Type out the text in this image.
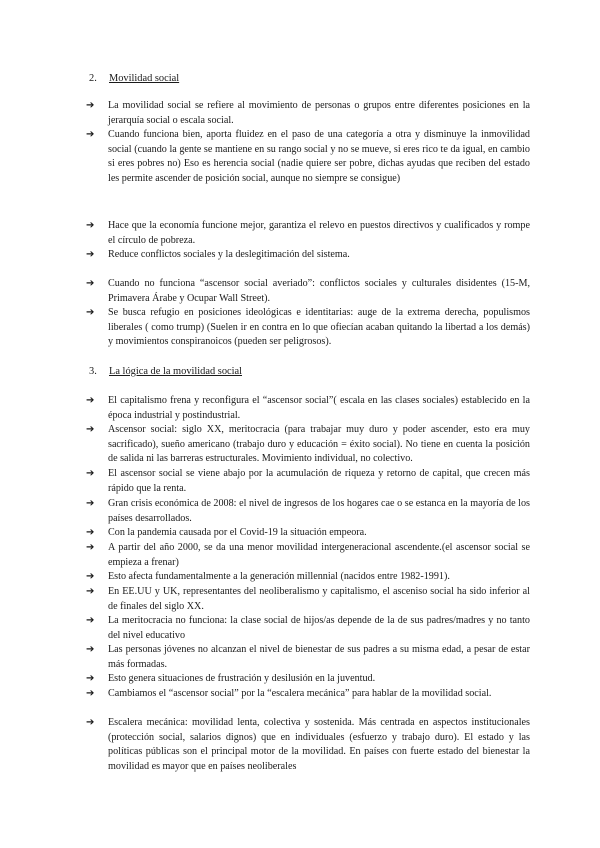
2. Movilidad social
➔ La movilidad social se refiere al movimiento de personas o grupos entre diferentes posiciones en la jerarquía social o escala social.
➔ Cuando funciona bien, aporta fluidez en el paso de una categoría a otra y disminuye la inmovilidad social (cuando la gente se mantiene en su rango social y no se mueve, si eres rico te da igual, en cambio si eres pobres no) Eso es herencia social (nadie quiere ser pobre, dichas ayudas que reciben del estado les permite ascender de posición social, aunque no siempre se consigue)
➔ Hace que la economía funcione mejor, garantiza el relevo en puestos directivos y cualificados y rompe el círculo de pobreza.
➔ Reduce conflictos sociales y la deslegitimación del sistema.
➔ Cuando no funciona “ascensor social averiado”: conflictos sociales y culturales disidentes (15-M, Primavera Árabe y Ocupar Wall Street).
➔ Se busca refugio en posiciones ideológicas e identitarias: auge de la extrema derecha, populismos liberales ( como trump) (Suelen ir en contra en lo que ofiecían acaban quitando la libertad a los demás) y movimientos conspiranoicos (pueden ser peligrosos).
3. La lógica de la movilidad social
➔ El capitalismo frena y reconfigura el “ascensor social”( escala en las clases sociales) establecido en la época industrial y postindustrial.
➔ Ascensor social: siglo XX, meritocracia (para trabajar muy duro y poder ascender, esto era muy sacrificado), sueño americano (trabajo duro y educación = éxito social). No tiene en cuenta la posición de salida ni las barreras estructurales. Movimiento individual, no colectivo.
➔ El ascensor social se viene abajo por la acumulación de riqueza y retorno de capital, que crecen más rápido que la renta.
➔ Gran crisis económica de 2008: el nivel de ingresos de los hogares cae o se estanca en la mayoría de los países desarrollados.
➔ Con la pandemia causada por el Covid-19 la situación empeora.
➔ A partir del año 2000, se da una menor movilidad intergeneracional ascendente.(el ascensor social se empieza a frenar)
➔ Esto afecta fundamentalmente a la generación millennial (nacidos entre 1982-1991).
➔ En EE.UU y UK, representantes del neoliberalismo y capitalismo, el asceniso social ha sido inferior al de finales del siglo XX.
➔ La meritocracia no funciona: la clase social de hijos/as depende de la de sus padres/madres y no tanto del nivel educativo
➔ Las personas jóvenes no alcanzan el nivel de bienestar de sus padres a su misma edad, a pesar de estar más formadas.
➔ Esto genera situaciones de frustración y desilusión en la juventud.
➔ Cambiamos el “ascensor social” por la “escalera mecánica” para hablar de la movilidad social.
➔ Escalera mecánica: movilidad lenta, colectiva y sostenida. Más centrada en aspectos institucionales (protección social, salarios dignos) que en individuales (esfuerzo y trabajo duro). El estado y las políticas públicas son el principal motor de la movilidad. En países con fuerte estado del bienestar la movilidad es mayor que en países neoliberales
